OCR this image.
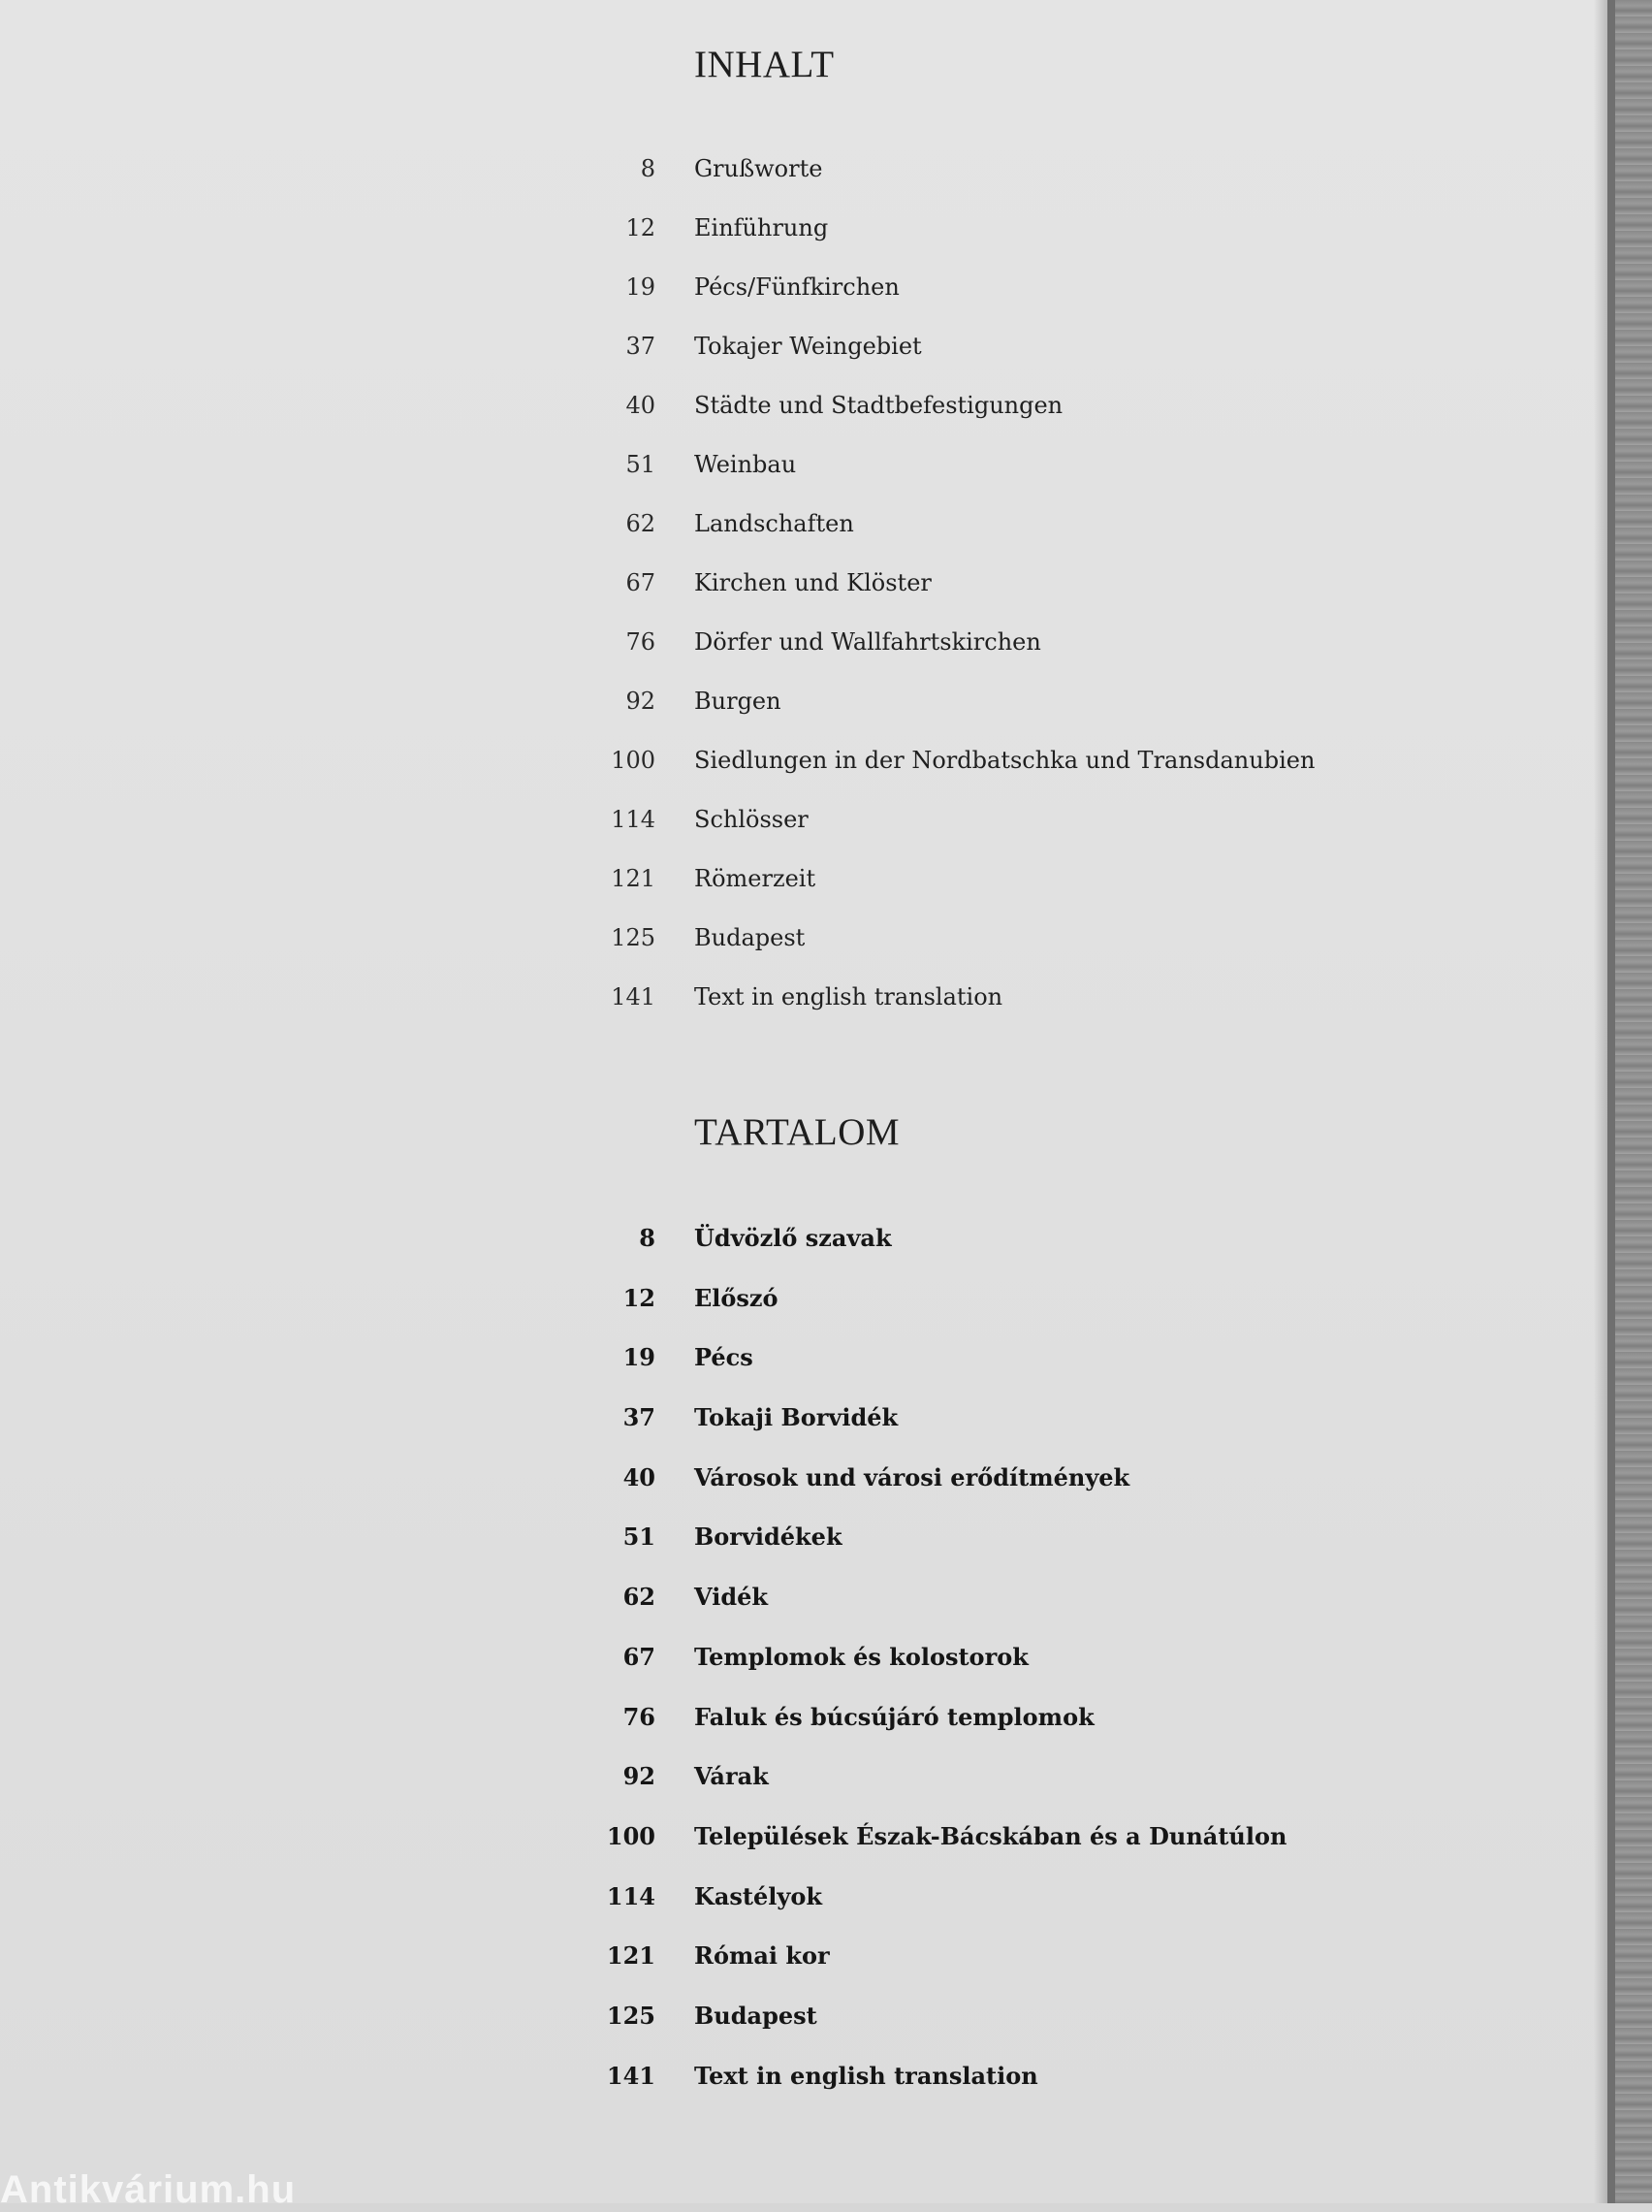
INHALT
8 Grußworte
12 Einführung
19 Pécs/Fünfkirchen
37 Tokajer Weingebiet
40 Städte und Stadtbefestigungen
51 Weinbau
62 Landschaften
67 Kirchen und Klöster
76 Dörfer und Wallfahrtskirchen
92 Burgen
100 Siedlungen in der Nordbatschka und Transdanubien
114 Schlösser
121 Römerzeit
125 Budapest
141 Text in english translation
TARTALOM
8 Üdvözlő szavak
12 Előszó
19 Pécs
37 Tokaji Borvidék
40 Városok und városi erődítmények
51 Borvidékek
62 Vidék
67 Templomok és kolostorok
76 Faluk és búcsújáró templomok
92 Várak
100 Települések Észak-Bácskában és a Dunátúlon
114 Kastélyok
121 Római kor
125 Budapest
141 Text in english translation
Antikvárium.hu
